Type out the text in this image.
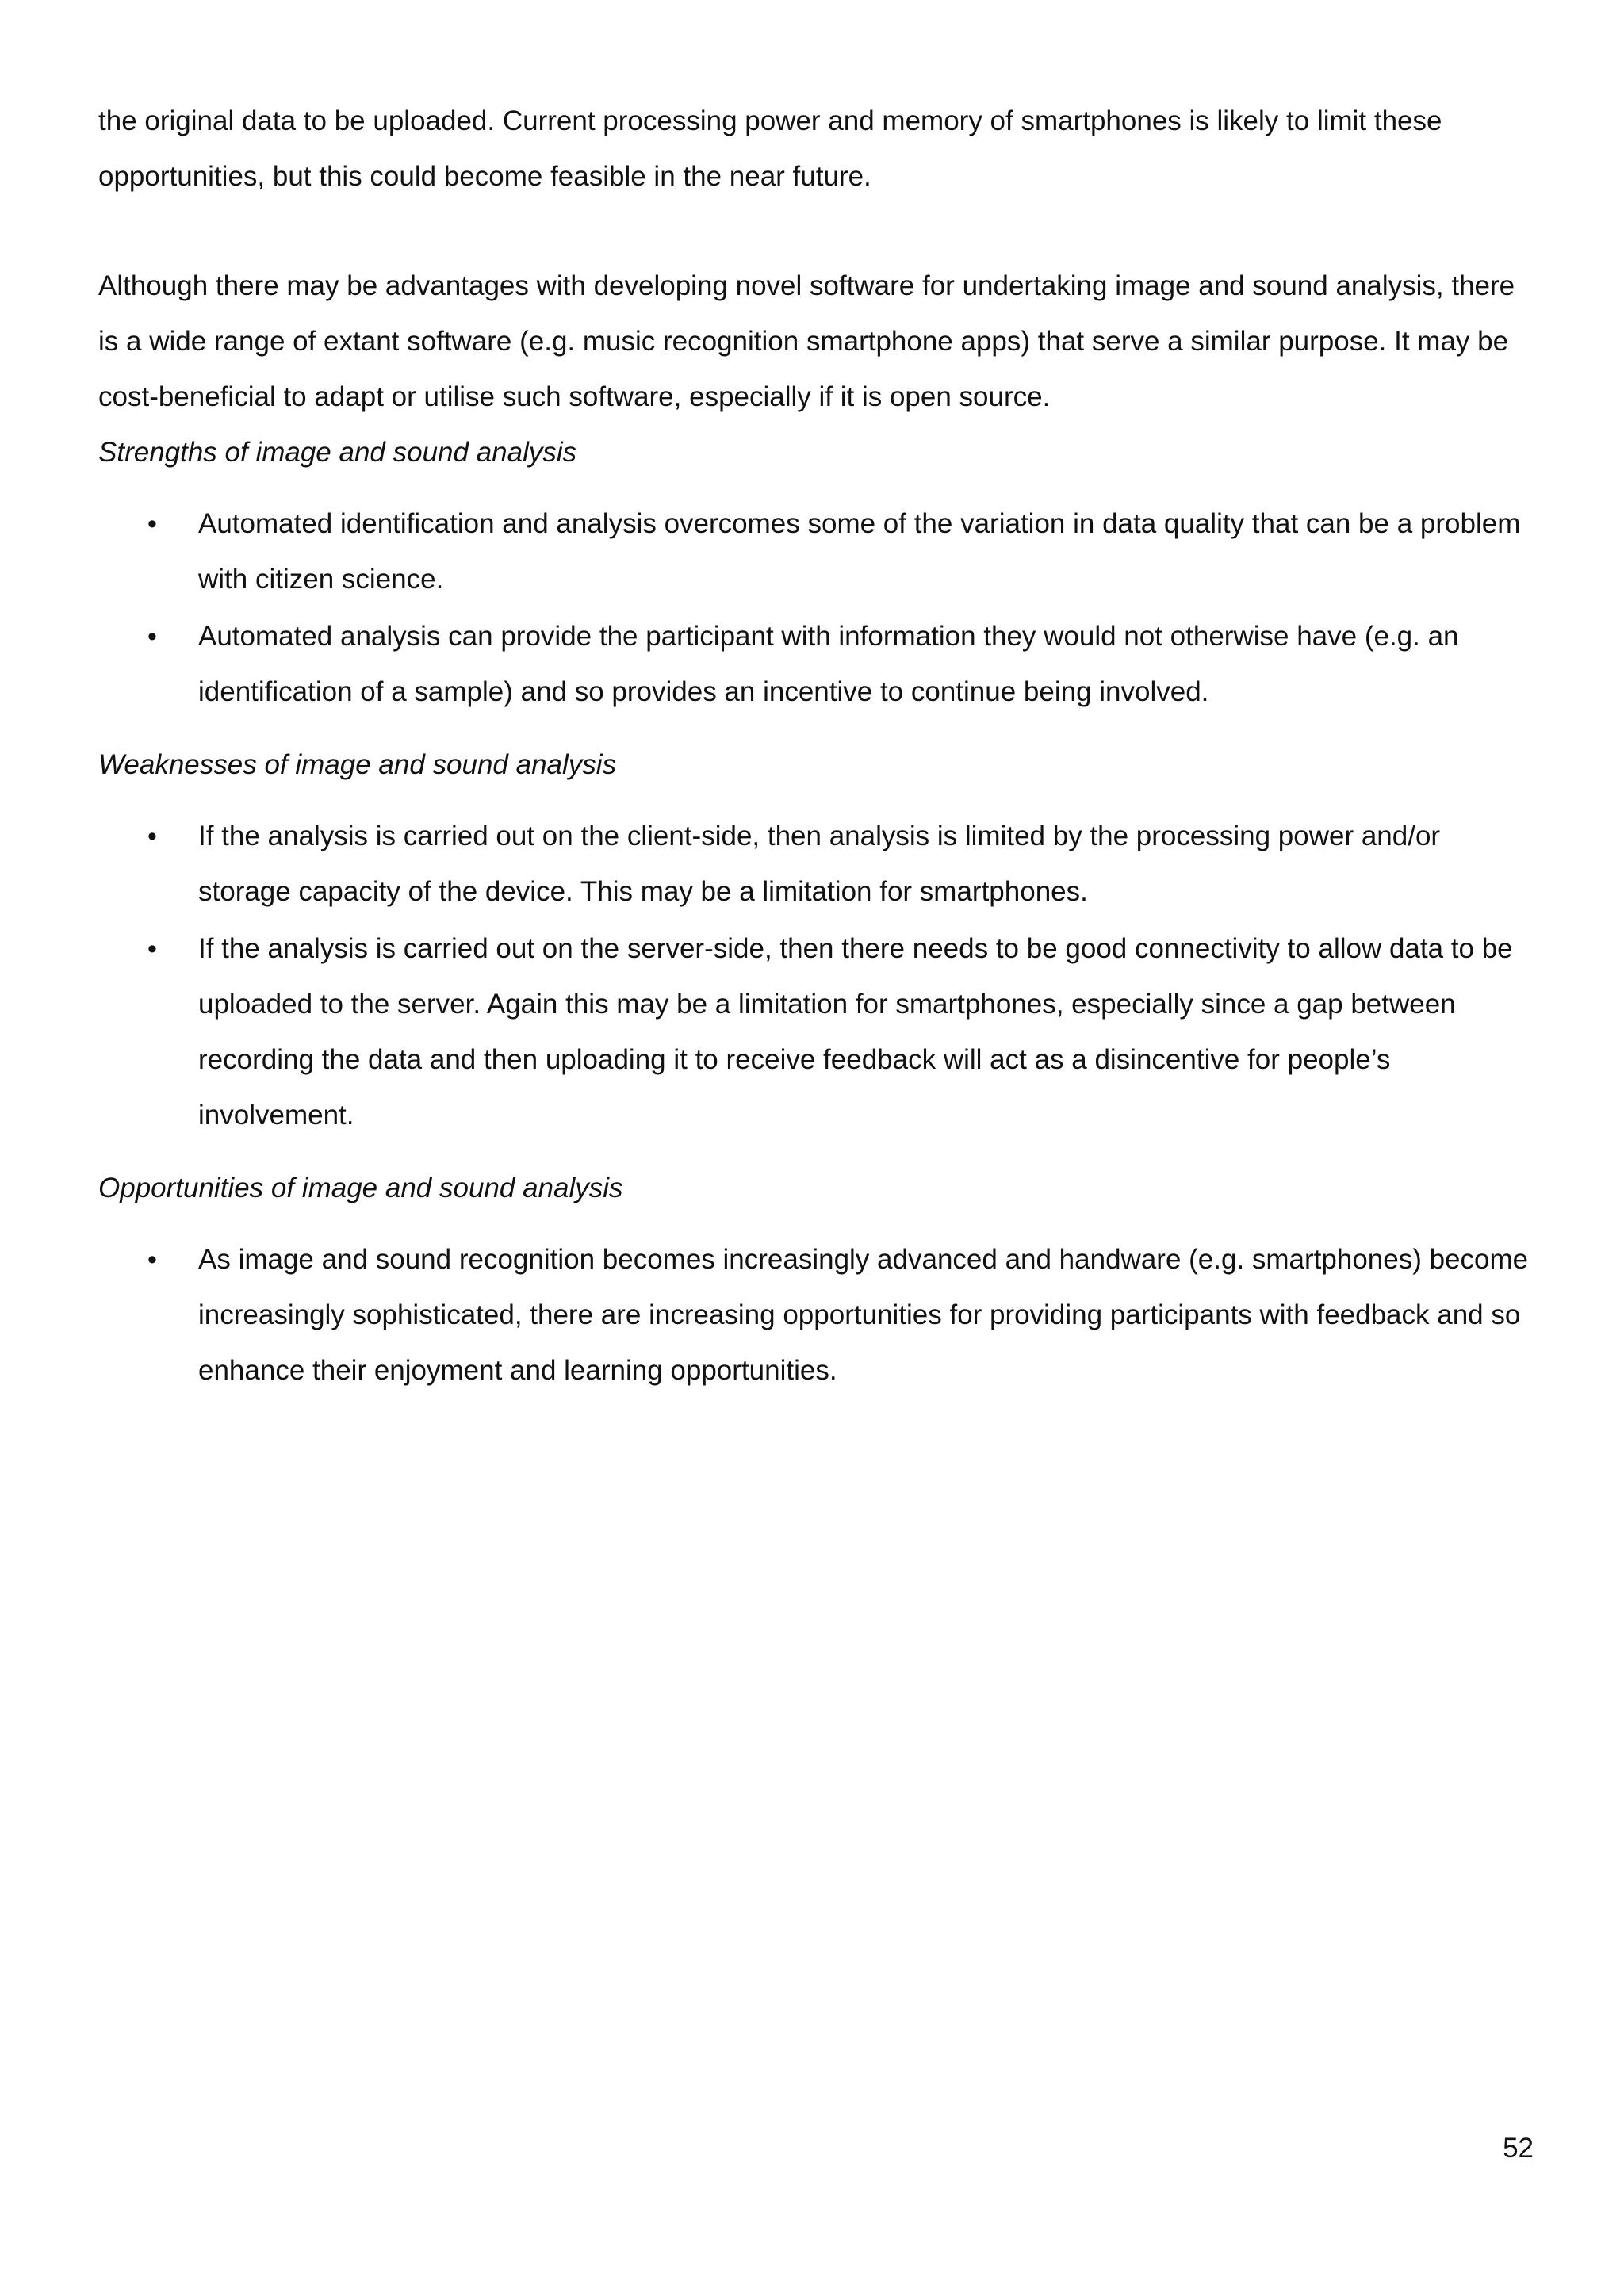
the original data to be uploaded. Current processing power and memory of smartphones is likely to limit these opportunities, but this could become feasible in the near future.

Although there may be advantages with developing novel software for undertaking image and sound analysis, there is a wide range of extant software (e.g. music recognition smartphone apps) that serve a similar purpose. It may be cost-beneficial to adapt or utilise such software, especially if it is open source.

Strengths of image and sound analysis

• Automated identification and analysis overcomes some of the variation in data quality that can be a problem with citizen science.
• Automated analysis can provide the participant with information they would not otherwise have (e.g. an identification of a sample) and so provides an incentive to continue being involved.

Weaknesses of image and sound analysis

• If the analysis is carried out on the client-side, then analysis is limited by the processing power and/or storage capacity of the device. This may be a limitation for smartphones.
• If the analysis is carried out on the server-side, then there needs to be good connectivity to allow data to be uploaded to the server. Again this may be a limitation for smartphones, especially since a gap between recording the data and then uploading it to receive feedback will act as a disincentive for people’s involvement.

Opportunities of image and sound analysis

• As image and sound recognition becomes increasingly advanced and handware (e.g. smartphones) become increasingly sophisticated, there are increasing opportunities for providing participants with feedback and so enhance their enjoyment and learning opportunities.
52
